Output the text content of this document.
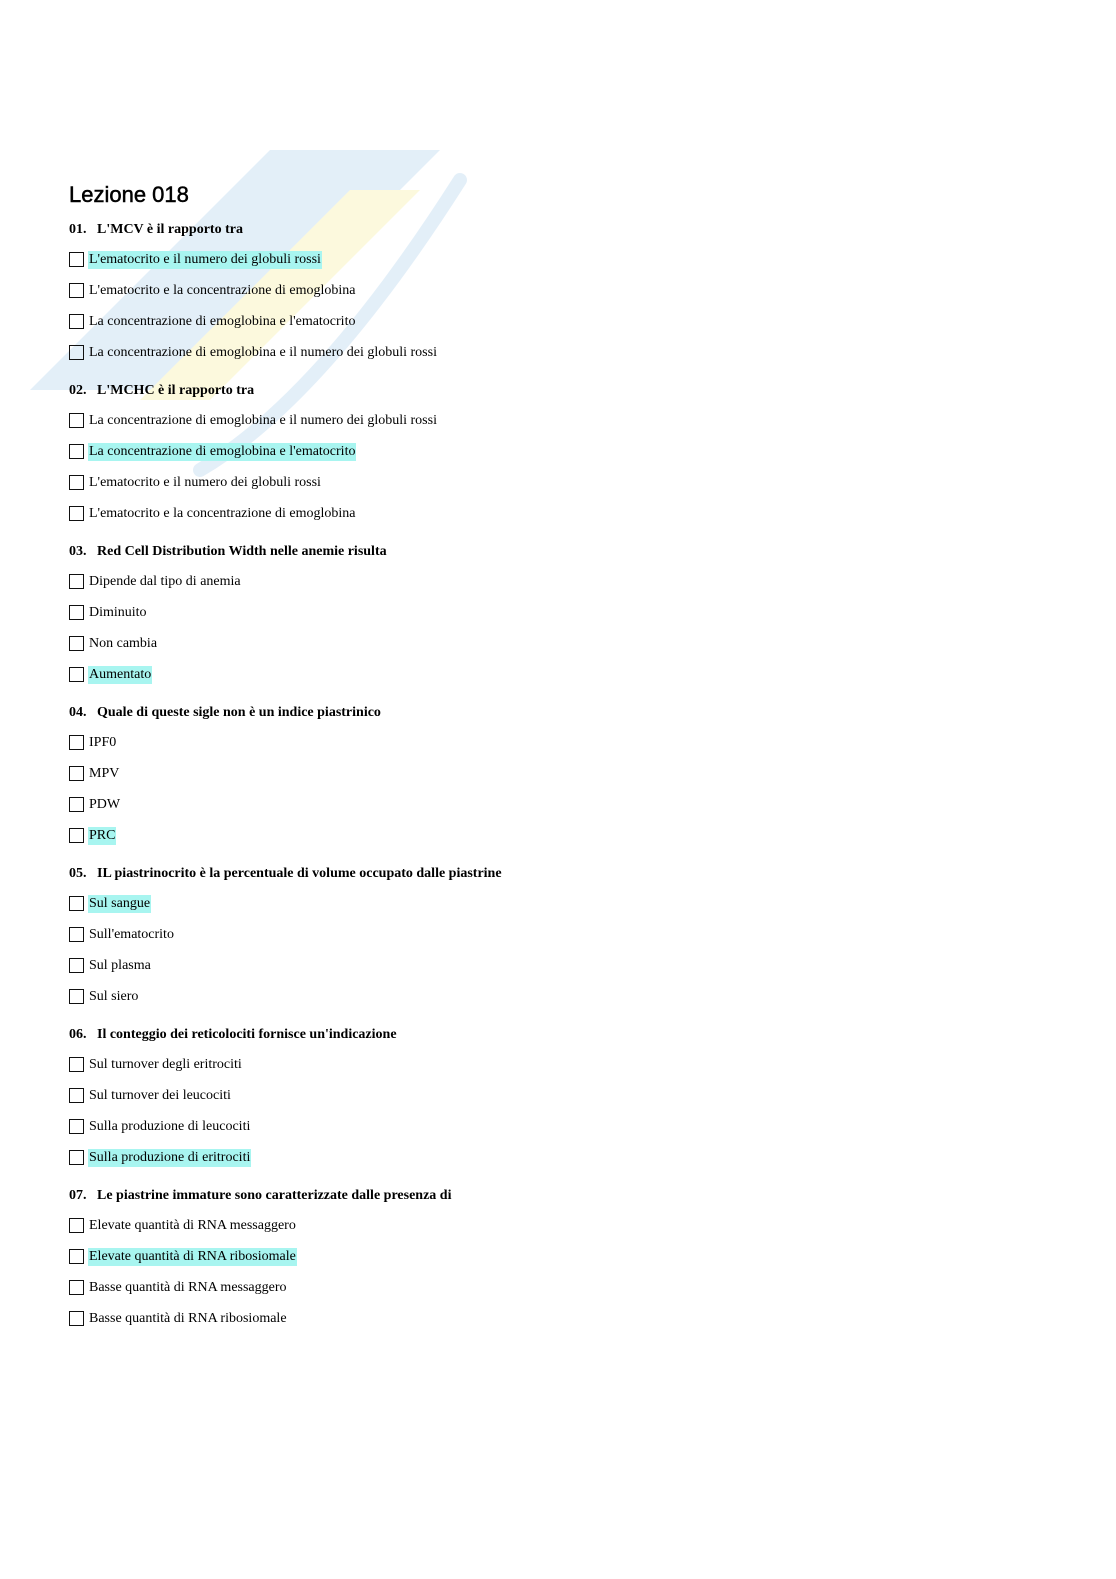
Lezione 018
01. L'MCV è il rapporto tra
L'ematocrito e il numero dei globuli rossi
L'ematocrito e la concentrazione di emoglobina
La concentrazione di emoglobina e l'ematocrito
La concentrazione di emoglobina e il numero dei globuli rossi
02. L'MCHC è il rapporto tra
La concentrazione di emoglobina e il numero dei globuli rossi
La concentrazione di emoglobina e l'ematocrito
L'ematocrito e il numero dei globuli rossi
L'ematocrito e la concentrazione di emoglobina
03. Red Cell Distribution Width nelle anemie risulta
Dipende dal tipo di anemia
Diminuito
Non cambia
Aumentato
04. Quale di queste sigle non è un indice piastrinico
IPF0
MPV
PDW
PRC
05. IL piastrinocrito è la percentuale di volume occupato dalle piastrine
Sul sangue
Sull'ematocrito
Sul plasma
Sul siero
06. Il conteggio dei reticolociti fornisce un'indicazione
Sul turnover degli eritrociti
Sul turnover dei leucociti
Sulla produzione di leucociti
Sulla produzione di eritrociti
07. Le piastrine immature sono caratterizzate dalle presenza di
Elevate quantità di RNA messaggero
Elevate quantità di RNA ribosiomale
Basse quantità di RNA messaggero
Basse quantità di RNA ribosiomale
